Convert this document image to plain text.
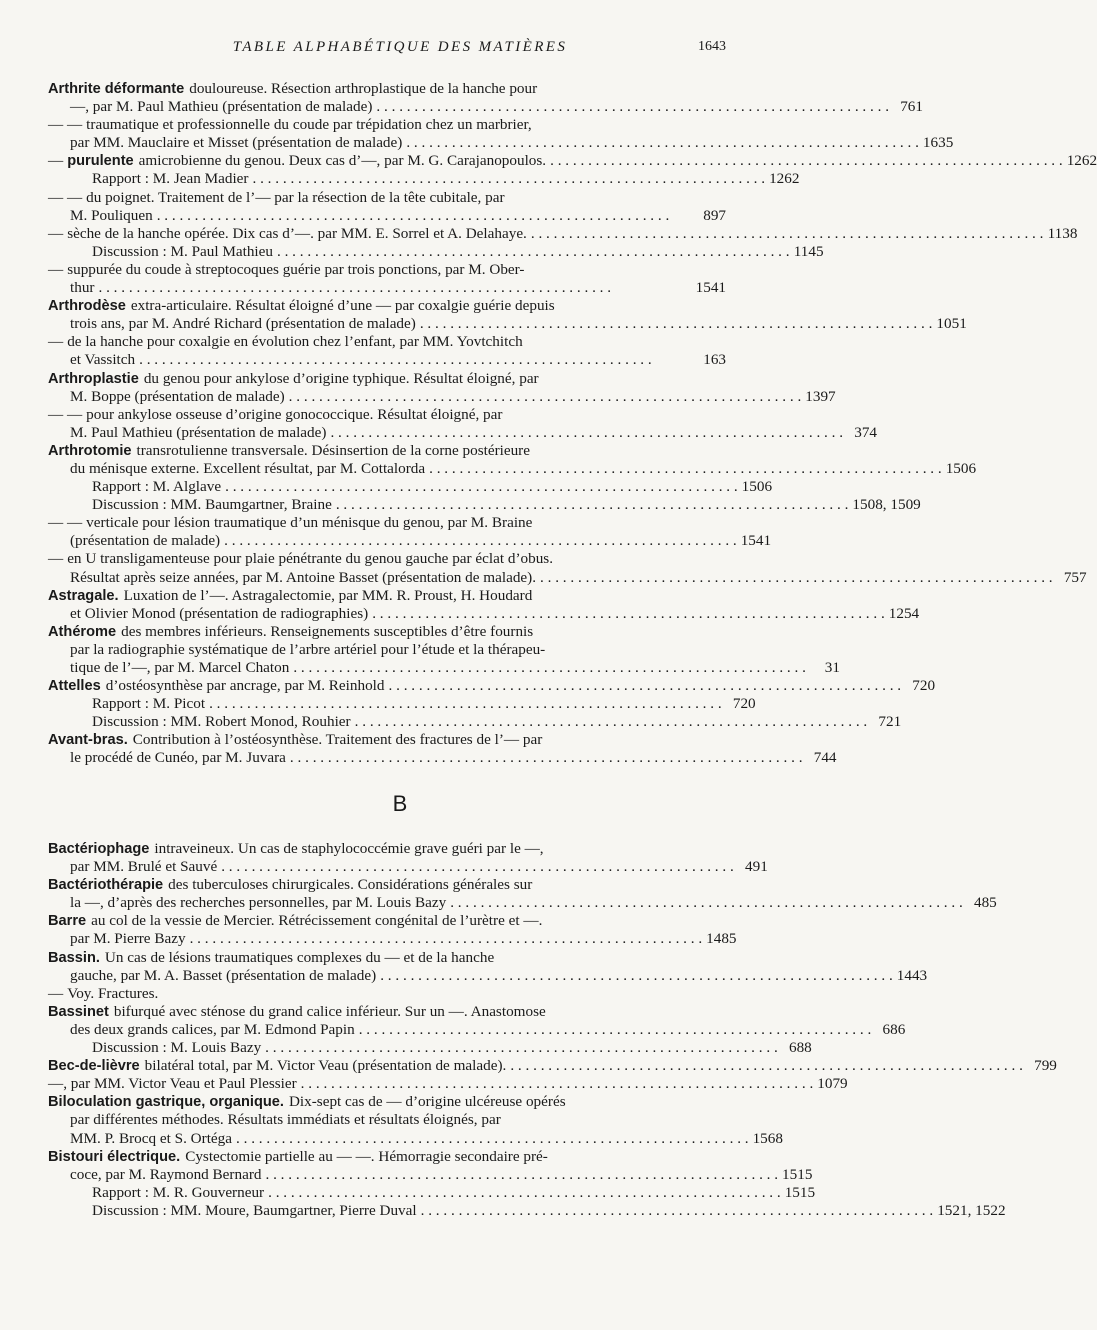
TABLE ALPHABÉTIQUE DES MATIÈRES	1643
Arthrite déformante douloureuse. Résection arthroplastique de la hanche pour
—, par M. Paul Mathieu (présentation de malade) . . .	761
— — traumatique et professionnelle du coude par trépidation chez un marbrier,
par MM. Mauclaire et Misset (présentation de malade) . . .	1635
— purulente amicrobienne du genou. Deux cas d’—, par M. G. Carajanopoulos. . . .	1262
Rapport : M. Jean Madier . . .	1262
— — du poignet. Traitement de l’— par la résection de la tête cubitale, par
M. Pouliquen . . .	897
— sèche de la hanche opérée. Dix cas d’—. par MM. E. Sorrel et A. Delahaye. . . .	1138
Discussion : M. Paul Mathieu . . .	1145
— suppurée du coude à streptocoques guérie par trois ponctions, par M. Ober-
thur . . .	1541
Arthrodèse extra-articulaire. Résultat éloigné d’une — par coxalgie guérie depuis
trois ans, par M. André Richard (présentation de malade) . . .	1051
— de la hanche pour coxalgie en évolution chez l’enfant, par MM. Yovtchitch
et Vassitch . . .	163
Arthroplastie du genou pour ankylose d’origine typhique. Résultat éloigné, par
M. Boppe (présentation de malade) . . .	1397
— — pour ankylose osseuse d’origine gonococcique. Résultat éloigné, par
M. Paul Mathieu (présentation de malade) . . .	374
Arthrotomie transrotulienne transversale. Désinsertion de la corne postérieure
du ménisque externe. Excellent résultat, par M. Cottalorda . . .	1506
Rapport : M. Alglave . . .	1506
Discussion : MM. Baumgartner, Braine . . .	1508, 1509
— — verticale pour lésion traumatique d’un ménisque du genou, par M. Braine
(présentation de malade) . . .	1541
— en U transligamenteuse pour plaie pénétrante du genou gauche par éclat d’obus.
Résultat après seize années, par M. Antoine Basset (présentation de malade). . . .	757
Astragale. Luxation de l’—. Astragalectomie, par MM. R. Proust, H. Houdard
et Olivier Monod (présentation de radiographies) . . .	1254
Athérome des membres inférieurs. Renseignements susceptibles d’être fournis
par la radiographie systématique de l’arbre artériel pour l’étude et la thérapeu-
tique de l’—, par M. Marcel Chaton . . .	31
Attelles d’ostéosynthèse par ancrage, par M. Reinhold . . .	720
Rapport : M. Picot . . .	720
Discussion : MM. Robert Monod, Rouhier . . .	721
Avant-bras. Contribution à l’ostéosynthèse. Traitement des fractures de l’— par
le procédé de Cunéo, par M. Juvara . . .	744
B
Bactériophage intraveineux. Un cas de staphylococcémie grave guéri par le —,
par MM. Brulé et Sauvé . . .	491
Bactériothérapie des tuberculoses chirurgicales. Considérations générales sur
la —, d’après des recherches personnelles, par M. Louis Bazy . . .	485
Barre au col de la vessie de Mercier. Rétrécissement congénital de l’urètre et —.
par M. Pierre Bazy . . .	1485
Bassin. Un cas de lésions traumatiques complexes du — et de la hanche
gauche, par M. A. Basset (présentation de malade) . . .	1443
— Voy. Fractures.
Bassinet bifurqué avec sténose du grand calice inférieur. Sur un —. Anastomose
des deux grands calices, par M. Edmond Papin . . .	686
Discussion : M. Louis Bazy . . .	688
Bec-de-lièvre bilatéral total, par M. Victor Veau (présentation de malade). . . .	799
—, par MM. Victor Veau et Paul Plessier . . .	1079
Biloculation gastrique, organique. Dix-sept cas de — d’origine ulcéreuse opérés
par différentes méthodes. Résultats immédiats et résultats éloignés, par
MM. P. Brocq et S. Ortéga . . .	1568
Bistouri électrique. Cystectomie partielle au — —. Hémorragie secondaire pré-
coce, par M. Raymond Bernard . . .	1515
Rapport : M. R. Gouverneur . . .	1515
Discussion : MM. Moure, Baumgartner, Pierre Duval . . .	1521, 1522
